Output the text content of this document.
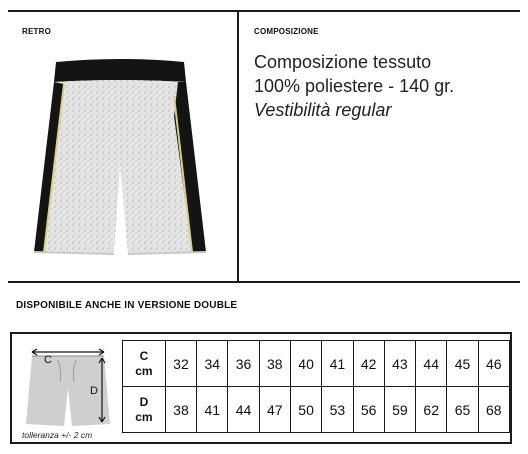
RETRO	COMPOSIZIONE
Composizione tessuto
100% poliestere - 140 gr.
Vestibilità regular
DISPONIBILE ANCHE IN VERSIONE DOUBLE
C
D
tolleranza +/- 2 cm
C
cm	32	34	36	38	40	41	42	43	44	45	46

D
cm	38	41	44	47	50	53	56	59	62	65	68
